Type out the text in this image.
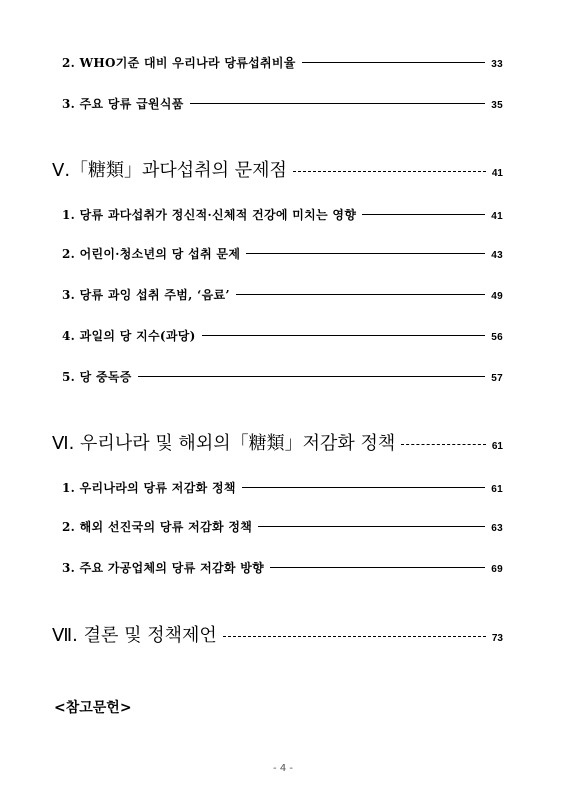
2. WHO기준 대비 우리나라 당류섭취비율	33
3. 주요 당류 급원식품	35
Ⅴ.「糖類」과다섭취의 문제점	41
1. 당류 과다섭취가 정신적·신체적 건강에 미치는 영향	41
2. 어린이·청소년의 당 섭취 문제	43
3. 당류 과잉 섭취 주범, ‘음료’	49
4. 과일의 당 지수(과당)	56
5. 당 중독증	57
Ⅵ. 우리나라 및 해외의「糖類」저감화 정책	61
1. 우리나라의 당류 저감화 정책	61
2. 해외 선진국의 당류 저감화 정책	63
3. 주요 가공업체의 당류 저감화 방향	69
Ⅶ. 결론 및 정책제언	73
<참고문헌>
- 4 -
